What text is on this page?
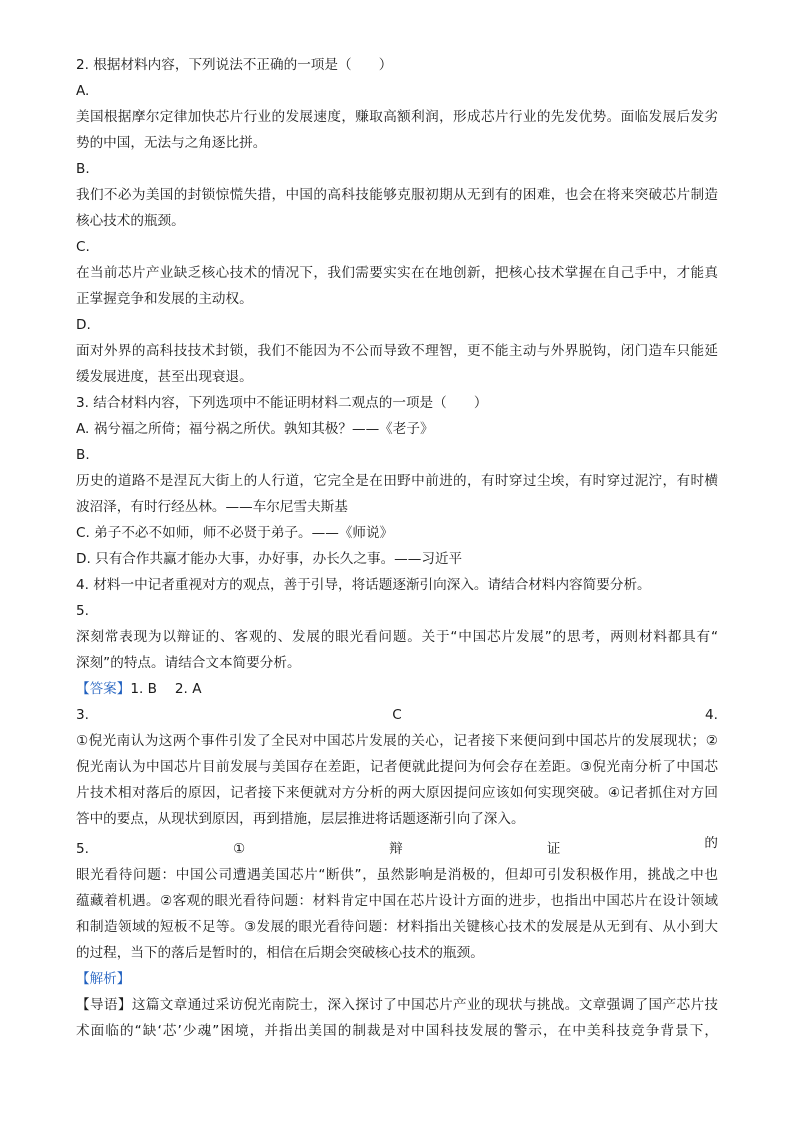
2. 根据材料内容，下列说法不正确的一项是（　　）
A.
美国根据摩尔定律加快芯片行业的发展速度，赚取高额利润，形成芯片行业的先发优势。面临发展后发劣
势的中国，无法与之角逐比拼。
B.
我们不必为美国的封锁惊慌失措，中国的高科技能够克服初期从无到有的困难，也会在将来突破芯片制造
核心技术的瓶颈。
C.
在当前芯片产业缺乏核心技术的情况下，我们需要实实在在地创新，把核心技术掌握在自己手中，才能真
正掌握竞争和发展的主动权。
D.
面对外界的高科技技术封锁，我们不能因为不公而导致不理智，更不能主动与外界脱钩，闭门造车只能延
缓发展进度，甚至出现衰退。
3. 结合材料内容，下列选项中不能证明材料二观点的一项是（　　）
A. 祸兮福之所倚；福兮祸之所伏。孰知其极？——《老子》
B.
历史的道路不是涅瓦大街上的人行道，它完全是在田野中前进的，有时穿过尘埃，有时穿过泥泞，有时横
波沼泽，有时行经丛林。——车尔尼雪夫斯基
C. 弟子不必不如师，师不必贤于弟子。——《师说》
D. 只有合作共赢才能办大事，办好事，办长久之事。——习近平
4. 材料一中记者重视对方的观点，善于引导，将话题逐渐引向深入。请结合材料内容简要分析。
5.
深刻常表现为以辩证的、客观的、发展的眼光看问题。关于“中国芯片发展”的思考，两则材料都具有“
深刻”的特点。请结合文本简要分析。
【答案】1. B　 2. A
3.	C	4.
①倪光南认为这两个事件引发了全民对中国芯片发展的关心，记者接下来便问到中国芯片的发展现状；②
倪光南认为中国芯片目前发展与美国存在差距，记者便就此提问为何会存在差距。③倪光南分析了中国芯
片技术相对落后的原因，记者接下来便就对方分析的两大原因提问应该如何实现突破。④记者抓住对方回
答中的要点，从现状到原因，再到措施，层层推进将话题逐渐引向了深入。
5.	①	辩	证	的
眼光看待问题：中国公司遭遇美国芯片“断供”，虽然影响是消极的，但却可引发积极作用，挑战之中也
蕴藏着机遇。②客观的眼光看待问题：材料肯定中国在芯片设计方面的进步，也指出中国芯片在设计领域
和制造领域的短板不足等。③发展的眼光看待问题：材料指出关键核心技术的发展是从无到有、从小到大
的过程，当下的落后是暂时的，相信在后期会突破核心技术的瓶颈。
【解析】
【导语】这篇文章通过采访倪光南院士，深入探讨了中国芯片产业的现状与挑战。文章强调了国产芯片技
术面临的“缺‘芯’少魂”困境，并指出美国的制裁是对中国科技发展的警示，在中美科技竞争背景下，
